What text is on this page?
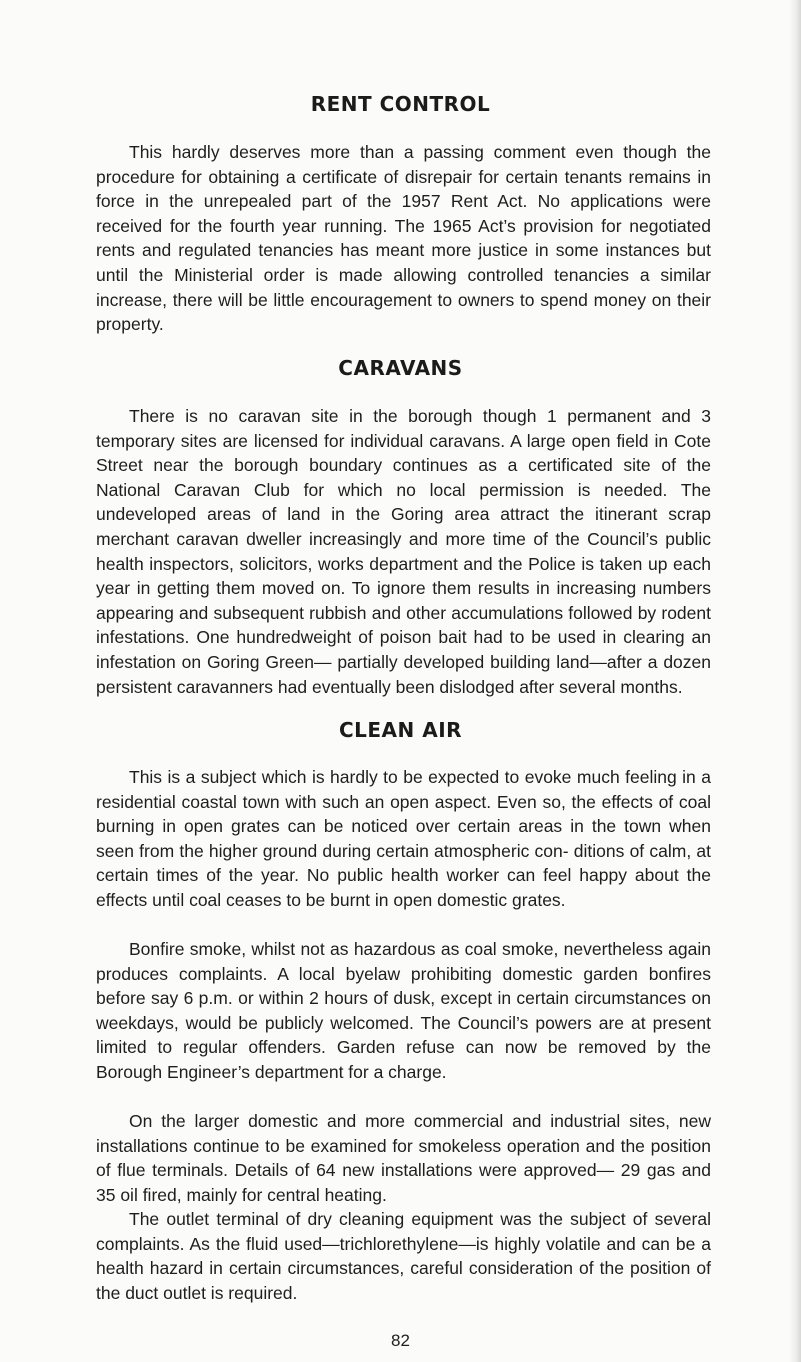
RENT CONTROL

This hardly deserves more than a passing comment even though the procedure for obtaining a certificate of disrepair for certain tenants remains in force in the unrepealed part of the 1957 Rent Act. No applications were received for the fourth year running. The 1965 Act’s provision for negotiated rents and regulated tenancies has meant more justice in some instances but until the Ministerial order is made allowing controlled tenancies a similar increase, there will be little encouragement to owners to spend money on their property.

CARAVANS

There is no caravan site in the borough though 1 permanent and 3 temporary sites are licensed for individual caravans. A large open field in Cote Street near the borough boundary continues as a certificated site of the National Caravan Club for which no local permission is needed. The undeveloped areas of land in the Goring area attract the itinerant scrap merchant caravan dweller increasingly and more time of the Council’s public health inspectors, solicitors, works department and the Police is taken up each year in getting them moved on. To ignore them results in increasing numbers appearing and subsequent rubbish and other accumulations followed by rodent infestations. One hundredweight of poison bait had to be used in clearing an infestation on Goring Green— partially developed building land—after a dozen persistent caravanners had eventually been dislodged after several months.

CLEAN AIR

This is a subject which is hardly to be expected to evoke much feeling in a residential coastal town with such an open aspect. Even so, the effects of coal burning in open grates can be noticed over certain areas in the town when seen from the higher ground during certain atmospheric con- ditions of calm, at certain times of the year. No public health worker can feel happy about the effects until coal ceases to be burnt in open domestic grates.

Bonfire smoke, whilst not as hazardous as coal smoke, nevertheless again produces complaints. A local byelaw prohibiting domestic garden bonfires before say 6 p.m. or within 2 hours of dusk, except in certain circumstances on weekdays, would be publicly welcomed. The Council’s powers are at present limited to regular offenders. Garden refuse can now be removed by the Borough Engineer’s department for a charge.

On the larger domestic and more commercial and industrial sites, new installations continue to be examined for smokeless operation and the position of flue terminals. Details of 64 new installations were approved— 29 gas and 35 oil fired, mainly for central heating.

The outlet terminal of dry cleaning equipment was the subject of several complaints. As the fluid used—trichlorethylene—is highly volatile and can be a health hazard in certain circumstances, careful consideration of the position of the duct outlet is required.

82
